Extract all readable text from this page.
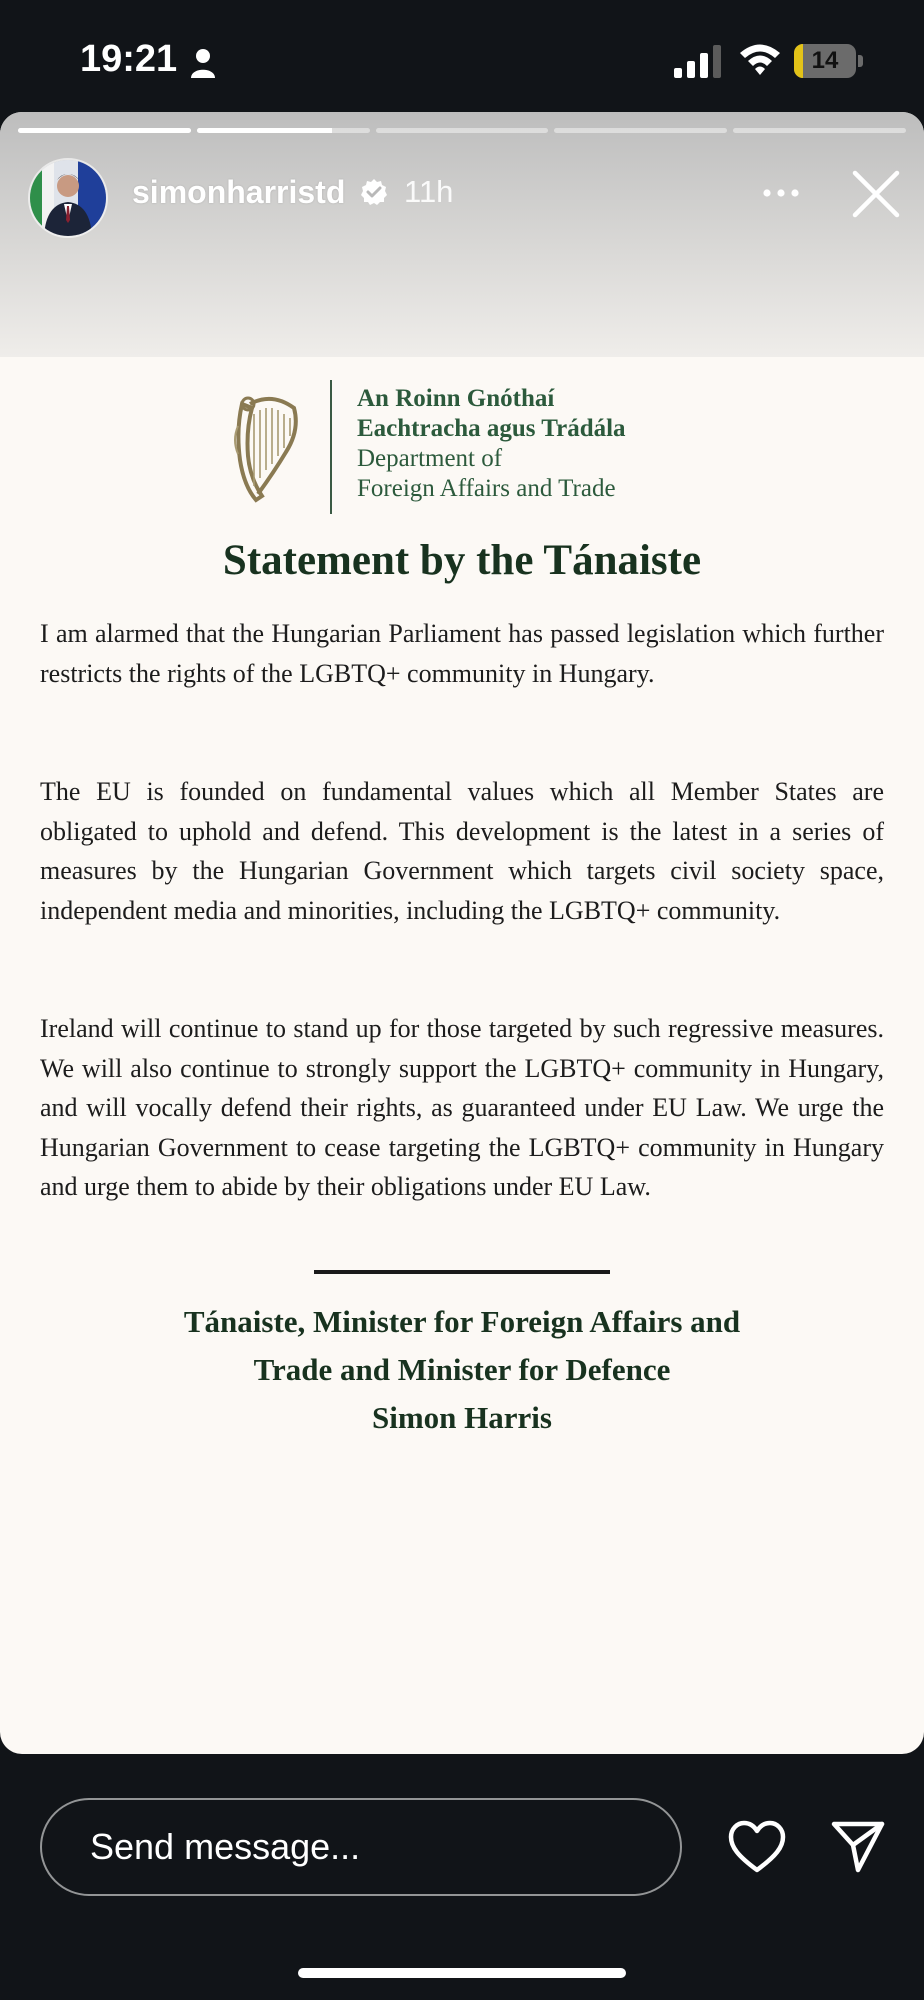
19:21	14
An Roinn Gnóthaí
Eachtracha agus Trádála
Department of
Foreign Affairs and Trade
Statement by the Tánaiste
I am alarmed that the Hungarian Parliament has passed legislation which further restricts the rights of the LGBTQ+ community in Hungary.
The EU is founded on fundamental values which all Member States are obligated to uphold and defend. This development is the latest in a series of measures by the Hungarian Government which targets civil society space, independent media and minorities, including the LGBTQ+ community.
Ireland will continue to stand up for those targeted by such regressive measures. We will also continue to strongly support the LGBTQ+ community in Hungary, and will vocally defend their rights, as guaranteed under EU Law. We urge the Hungarian Government to cease targeting the LGBTQ+ community in Hungary and urge them to abide by their obligations under EU Law.
Tánaiste, Minister for Foreign Affairs and
Trade and Minister for Defence
Simon Harris
simonharristd 11h
Send message...
